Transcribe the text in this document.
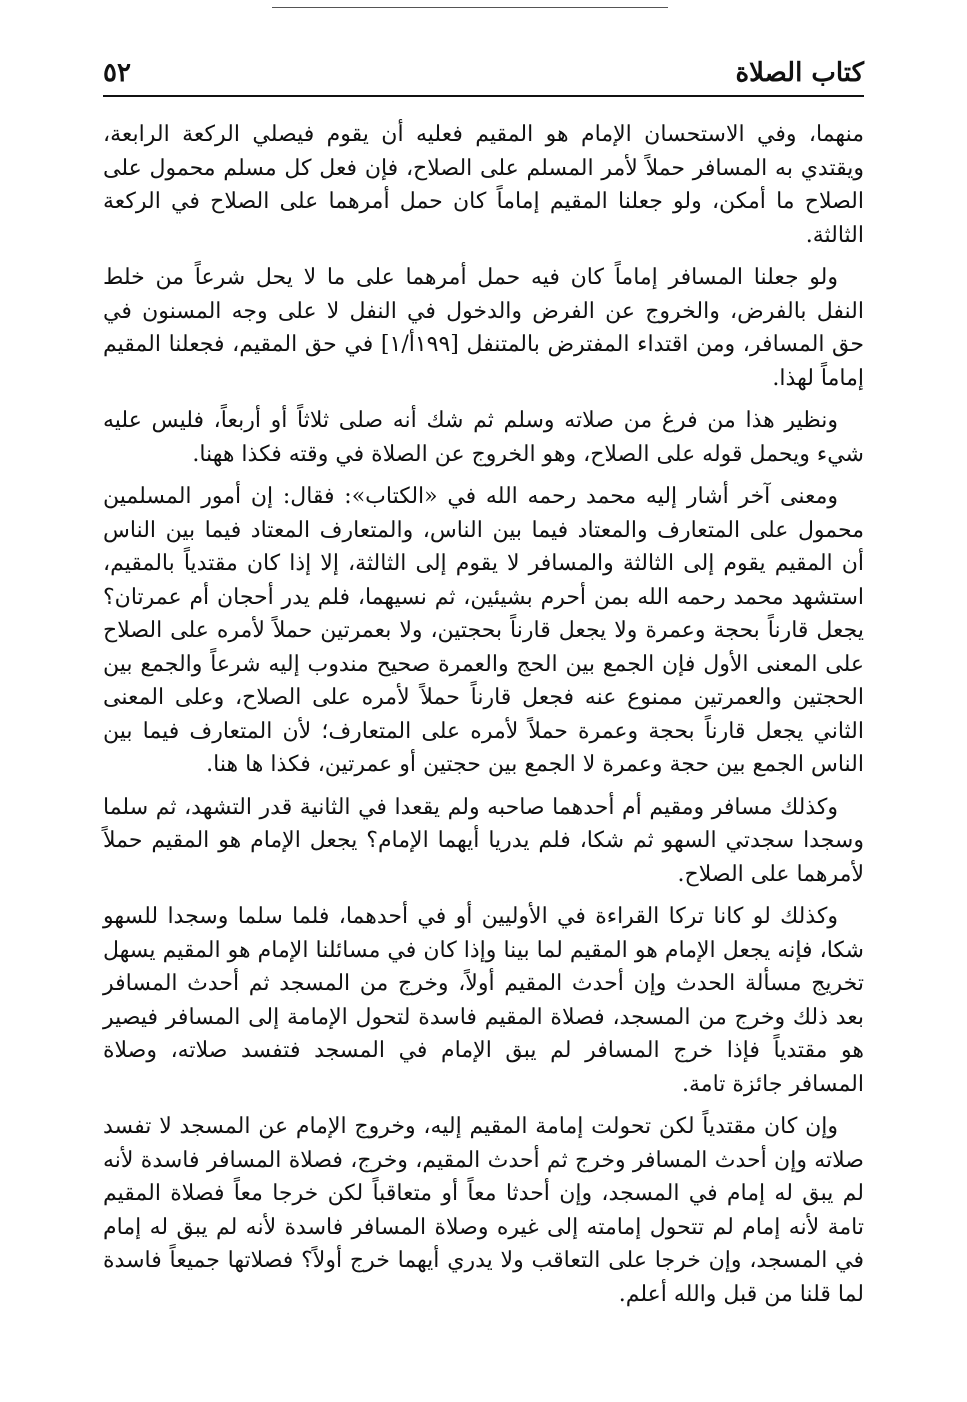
كتاب الصلاة
٥٢

منهما، وفي الاستحسان الإمام هو المقيم فعليه أن يقوم فيصلي الركعة الرابعة، ويقتدي به المسافر حملاً لأمر المسلم على الصلاح، فإن فعل كل مسلم محمول على الصلاح ما أمكن، ولو جعلنا المقيم إماماً كان حمل أمرهما على الصلاح في الركعة الثالثة.

ولو جعلنا المسافر إماماً كان فيه حمل أمرهما على ما لا يحل شرعاً من خلط النفل بالفرض، والخروج عن الفرض والدخول في النفل لا على وجه المسنون في حق المسافر، ومن اقتداء المفترض بالمتنفل [١٩٩أ/١] في حق المقيم، فجعلنا المقيم إماماً لهذا.

ونظير هذا من فرغ من صلاته وسلم ثم شك أنه صلى ثلاثاً أو أربعاً، فليس عليه شيء ويحمل قوله على الصلاح، وهو الخروج عن الصلاة في وقته فكذا ههنا.

ومعنى آخر أشار إليه محمد رحمه الله في «الكتاب»: فقال: إن أمور المسلمين محمول على المتعارف والمعتاد فيما بين الناس، والمتعارف المعتاد فيما بين الناس أن المقيم يقوم إلى الثالثة والمسافر لا يقوم إلى الثالثة، إلا إذا كان مقتدياً بالمقيم، استشهد محمد رحمه الله بمن أحرم بشيئين، ثم نسيهما، فلم يدر أحجان أم عمرتان؟ يجعل قارناً بحجة وعمرة ولا يجعل قارناً بحجتين، ولا بعمرتين حملاً لأمره على الصلاح على المعنى الأول فإن الجمع بين الحج والعمرة صحيح مندوب إليه شرعاً والجمع بين الحجتين والعمرتين ممنوع عنه فجعل قارناً حملاً لأمره على الصلاح، وعلى المعنى الثاني يجعل قارناً بحجة وعمرة حملاً لأمره على المتعارف؛ لأن المتعارف فيما بين الناس الجمع بين حجة وعمرة لا الجمع بين حجتين أو عمرتين، فكذا ها هنا.

وكذلك مسافر ومقيم أم أحدهما صاحبه ولم يقعدا في الثانية قدر التشهد، ثم سلما وسجدا سجدتي السهو ثم شكا، فلم يدريا أيهما الإمام؟ يجعل الإمام هو المقيم حملاً لأمرهما على الصلاح.

وكذلك لو كانا تركا القراءة في الأوليين أو في أحدهما، فلما سلما وسجدا للسهو شكا، فإنه يجعل الإمام هو المقيم لما بينا وإذا كان في مسائلنا الإمام هو المقيم يسهل تخريج مسألة الحدث وإن أحدث المقيم أولاً، وخرج من المسجد ثم أحدث المسافر بعد ذلك وخرج من المسجد، فصلاة المقيم فاسدة لتحول الإمامة إلى المسافر فيصير هو مقتدياً فإذا خرج المسافر لم يبق الإمام في المسجد فتفسد صلاته، وصلاة المسافر جائزة تامة.

وإن كان مقتدياً لكن تحولت إمامة المقيم إليه، وخروج الإمام عن المسجد لا تفسد صلاته وإن أحدث المسافر وخرج ثم أحدث المقيم، وخرج، فصلاة المسافر فاسدة لأنه لم يبق له إمام في المسجد، وإن أحدثا معاً أو متعاقباً لكن خرجا معاً فصلاة المقيم تامة لأنه إمام لم تتحول إمامته إلى غيره وصلاة المسافر فاسدة لأنه لم يبق له إمام في المسجد، وإن خرجا على التعاقب ولا يدري أيهما خرج أولاً؟ فصلاتها جميعاً فاسدة لما قلنا من قبل والله أعلم.
